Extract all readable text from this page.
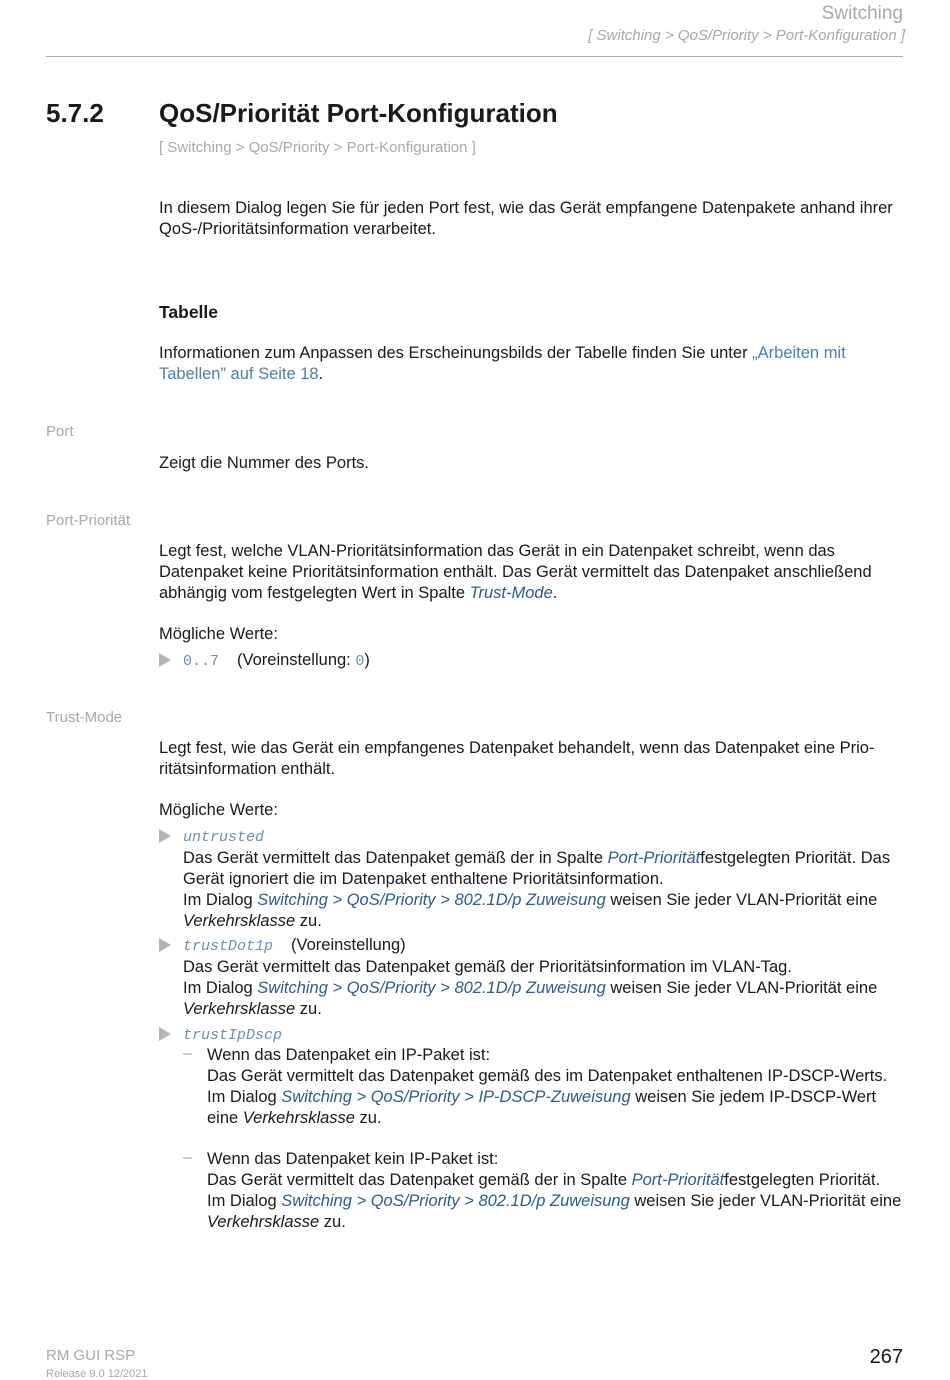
Switching
[ Switching > QoS/Priority > Port-Konfiguration ]
5.7.2 QoS/Priorität Port-Konfiguration
[ Switching > QoS/Priority > Port-Konfiguration ]
In diesem Dialog legen Sie für jeden Port fest, wie das Gerät empfangene Datenpakete anhand ihrer QoS-/Prioritätsinformation verarbeitet.
Tabelle
Informationen zum Anpassen des Erscheinungsbilds der Tabelle finden Sie unter „Arbeiten mit Tabellen” auf Seite 18.
Port
Zeigt die Nummer des Ports.
Port-Priorität
Legt fest, welche VLAN-Prioritätsinformation das Gerät in ein Datenpaket schreibt, wenn das Datenpaket keine Prioritätsinformation enthält. Das Gerät vermittelt das Datenpaket anschließend abhängig vom festgelegten Wert in Spalte Trust-Mode.
Mögliche Werte:
0..7 (Voreinstellung: 0)
Trust-Mode
Legt fest, wie das Gerät ein empfangenes Datenpaket behandelt, wenn das Datenpaket eine Prio-ritätsinformation enthält.
Mögliche Werte:
untrusted
Das Gerät vermittelt das Datenpaket gemäß der in Spalte Port-Prioritätfestgelegten Priorität. Das Gerät ignoriert die im Datenpaket enthaltene Prioritätsinformation.
Im Dialog Switching > QoS/Priority > 802.1D/p Zuweisung weisen Sie jeder VLAN-Priorität eine Verkehrsklasse zu.
trustDot1p (Voreinstellung)
Das Gerät vermittelt das Datenpaket gemäß der Prioritätsinformation im VLAN-Tag.
Im Dialog Switching > QoS/Priority > 802.1D/p Zuweisung weisen Sie jeder VLAN-Priorität eine Verkehrsklasse zu.
trustIpDscp
– Wenn das Datenpaket ein IP-Paket ist:
Das Gerät vermittelt das Datenpaket gemäß des im Datenpaket enthaltenen IP-DSCP-Werts.
Im Dialog Switching > QoS/Priority > IP-DSCP-Zuweisung weisen Sie jedem IP-DSCP-Wert eine Verkehrsklasse zu.
– Wenn das Datenpaket kein IP-Paket ist:
Das Gerät vermittelt das Datenpaket gemäß der in Spalte Port-Prioritätfestgelegten Priorität.
Im Dialog Switching > QoS/Priority > 802.1D/p Zuweisung weisen Sie jeder VLAN-Priorität eine Verkehrsklasse zu.
RM GUI RSP
Release 9.0 12/2021
267
